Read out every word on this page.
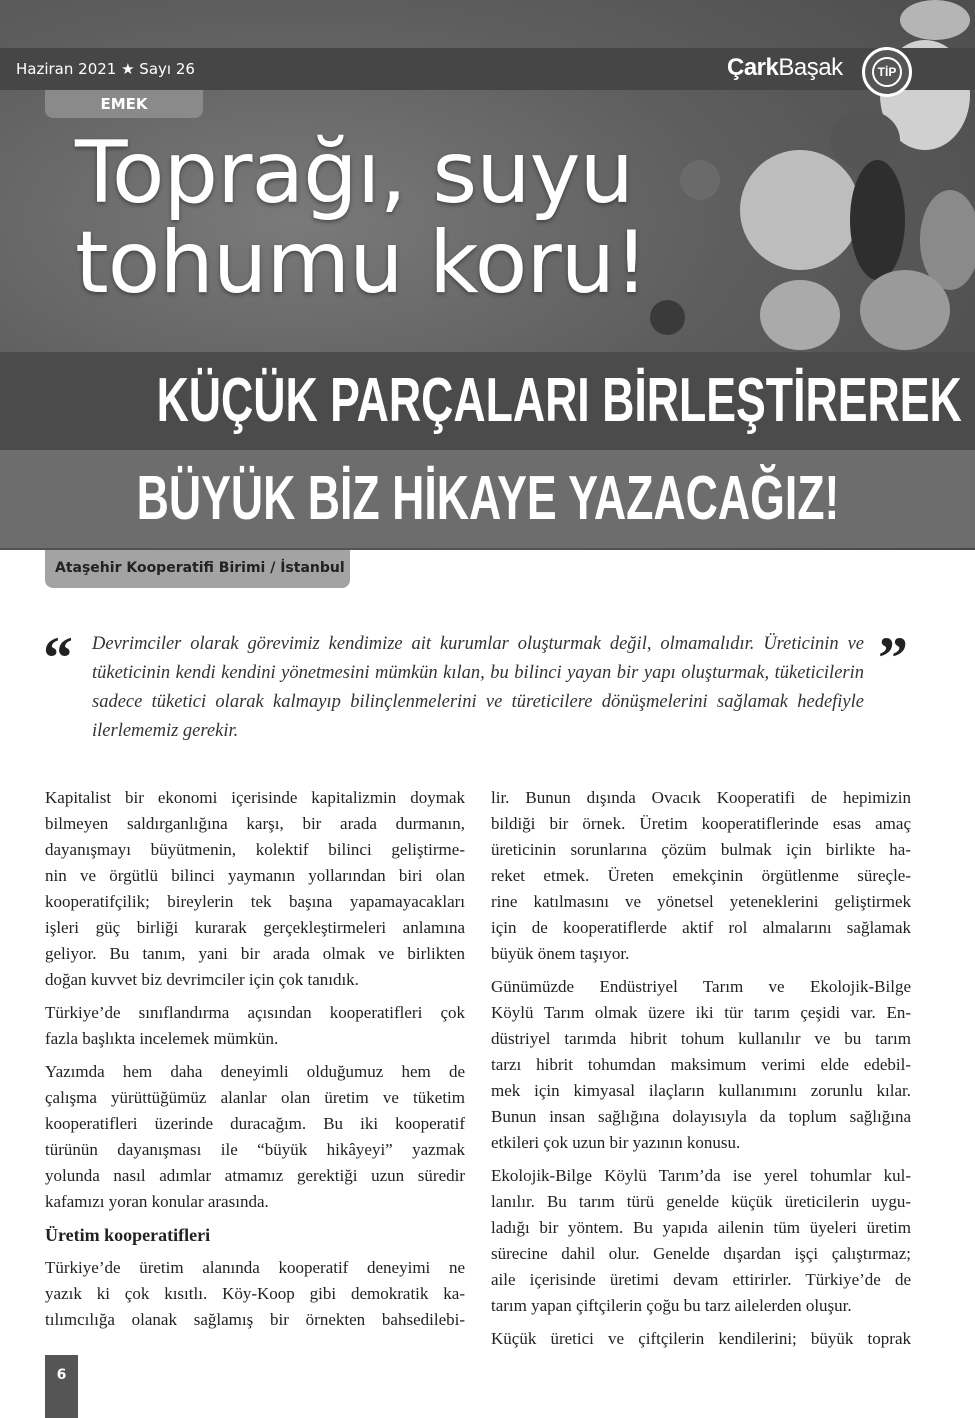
Haziran 2021 ★ Sayı 26	ÇarkBaşak	TİP
EMEK
Toprağı, suyu
tohumu koru!
KÜÇÜK PARÇALARI BİRLEŞTİREREK
BÜYÜK BİZ HİKAYE YAZACAĞIZ!
Ataşehir Kooperatifi Birimi / İstanbul
“	”
Devrimciler olarak görevimiz kendimize ait kurumlar oluşturmak değil, olmamalıdır. Üreticinin ve tüketicinin kendi kendini yönetmesini mümkün kılan, bu bilinci yayan bir yapı oluşturmak, tüketicilerin sadece tüketici olarak kalmayıp bilinçlenmelerini ve türeticilere dönüşmelerini sağlamak hedefiyle ilerlememiz gerekir.
Kapitalist bir ekonomi içerisinde kapitalizmin doymak
bilmeyen saldırganlığına karşı, bir arada durmanın,
dayanışmayı büyütmenin, kolektif bilinci geliştirme-
nin ve örgütlü bilinci yaymanın yollarından biri olan
kooperatifçilik; bireylerin tek başına yapamayacakları
işleri güç birliği kurarak gerçekleştirmeleri anlamına
geliyor. Bu tanım, yani bir arada olmak ve birlikten
doğan kuvvet biz devrimciler için çok tanıdık.
Türkiye’de sınıflandırma açısından kooperatifleri çok
fazla başlıkta incelemek mümkün.
Yazımda hem daha deneyimli olduğumuz hem de
çalışma yürüttüğümüz alanlar olan üretim ve tüketim
kooperatifleri üzerinde duracağım. Bu iki kooperatif
türünün dayanışması ile “büyük hikâyeyi” yazmak
yolunda nasıl adımlar atmamız gerektiği uzun süredir
kafamızı yoran konular arasında.
Üretim kooperatifleri
Türkiye’de üretim alanında kooperatif deneyimi ne
yazık ki çok kısıtlı. Köy-Koop gibi demokratik ka-
tılımcılığa olanak sağlamış bir örnekten bahsedilebi-
lir. Bunun dışında Ovacık Kooperatifi de hepimizin
bildiği bir örnek. Üretim kooperatiflerinde esas amaç
üreticinin sorunlarına çözüm bulmak için birlikte ha-
reket etmek. Üreten emekçinin örgütlenme süreçle-
rine katılmasını ve yönetsel yeteneklerini geliştirmek
için de kooperatiflerde aktif rol almalarını sağlamak
büyük önem taşıyor.
Günümüzde Endüstriyel Tarım ve Ekolojik-Bilge
Köylü Tarım olmak üzere iki tür tarım çeşidi var. En-
düstriyel tarımda hibrit tohum kullanılır ve bu tarım
tarzı hibrit tohumdan maksimum verimi elde edebil-
mek için kimyasal ilaçların kullanımını zorunlu kılar.
Bunun insan sağlığına dolayısıyla da toplum sağlığına
etkileri çok uzun bir yazının konusu.
Ekolojik-Bilge Köylü Tarım’da ise yerel tohumlar kul-
lanılır. Bu tarım türü genelde küçük üreticilerin uygu-
ladığı bir yöntem. Bu yapıda ailenin tüm üyeleri üretim
sürecine dahil olur. Genelde dışardan işçi çalıştırmaz;
aile içerisinde üretimi devam ettirirler. Türkiye’de de
tarım yapan çiftçilerin çoğu bu tarz ailelerden oluşur.
Küçük üretici ve çiftçilerin kendilerini; büyük toprak
6
